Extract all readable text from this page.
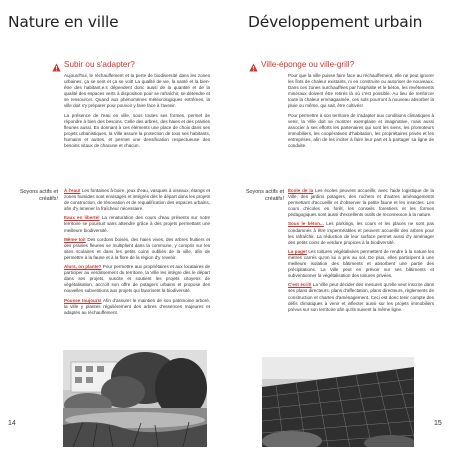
Nature en ville
Subir ou s'adapter?

Aujourd'hui, le réchauffement et la perte de biodiversité dans les zones urbaines, ça se sent et ça se voit! La qualité de vie, la santé et la bien-être des habitant.e.s dépendent donc aussi de la quantité et de la qualité des espaces verts à disposition pour se rafraîchir, se détendre et se ressourcer. Quand aux phénomènes météorologiques extrêmes, la ville doit s'y préparer pour pouvoir y faire face à l'avenir.

La présence de l'eau en ville, sous toutes ses formes, permet de répondre à bien des besoins. Celle des arbres, des haies et des prairies fleuries aussi. En donnant à ces éléments une place de choix dans ses projets urbanistiques, la Ville assure la protection de tous ses habitants, humains et autres, et permet une densification respectueuse des besoins vitaux de chacune et chacun.

Soyons actifs et créatifs!

À l'eau! Les fontaines à boire, jeux d'eau, vasques à oiseaux, étangs et zones humides sont envisagés et intégrés dès le départ dans les projets de construction, de rénovation et de requalification des espaces urbains, afin d'y amener la fraîcheur nécessaire.

Eaux en liberté! La renaturation des cours d'eau présents sur notre territoire se poursuit sans attendre grâce à des projets permettant une meilleure biodiversité.

Même toi! Des cordons boisés, des haies vives, des arbres fruitiers et des prairies fleuries se multiplient dans la commune, y compris sur les sites scolaires et dans les petits coins oubliés de la ville, afin de permettre à la faune et à la flore de la région d'y revenir.

Alors, on plante? Pour permettre aux propriétaires et aux locataires de participer au verdissement du territoire, la Ville les intègre dès le départ dans ses projets, suscite et soutient les projets citoyens de végétalisation, accroît son offre de potagers urbains et propose des nouvelles subventions aux projets qui favorisent la biodiversité.

Pousse toujours! Afin d'assurer le maintien de son patrimoine arboré, la ville y plantes régulièrement des arbres d'essences majeures et adaptés au réchauffement.

14
Développement urbain
Ville-éponge ou ville-grill?

Pour que la ville puisse faire face au réchauffement, elle ne peut ignorer les îlots de chaleur existants, ni en construire ou autoriser de nouveaux. Dans ces zones surchauffées par l'asphalte et le béton, les revêtements minéraux doivent être retirés là où c'est possible. Au lieu de renforcer toute la chaleur emmagasinée, ces sols pourront à nouveau absorber la pluie ou même, qui sait, être cultivés!

Pour permettre à son territoire de s'adapter aux conditions climatiques à venir, la Ville doit se montrer exemplaire et imaginative, mais aussi associer à ses efforts les partenaires qui sont les siens, les promoteurs immobiliers, les coopératives d'habitation, les propriétaires privés et les entreprises, afin de les inciter à faire leur part et à partager sa ligne de conduite.

Soyons actifs et créatifs!

École de la Les écoles peuvent accueillir, avec l'aide logistique de la Ville, des jardins potagers, des ruchers et d'autres aménagements permettant d'accueillir et d'observer la petite faune et les insectes. Les cours d'écoles en forêt, les conseils forestiers et les formes pédagogiques sont aussi d'excellents outils de reconnexion à la nature.

Sous le béton... Les parkings, les cours et les places ne sont pas condamnés à être imperméables et peuvent accueillir des arbres pour les rafraîchir. La réduction de leur surface permet aussi d'y aménager des petits coins de verdure propices à la biodiversité.

La page! Les toitures végétalisées permettent de rendre à la nature les mètres carrés qu'on lui a pris au sol. De plus, elles participent à une meilleure isolation des bâtiments et absorbent une partie des précipitations. La Ville peut en prévoir sur ses bâtiments et subventionner la végétalisation des toitures privées.

C'est écrit! La Ville peut décider des mesures qu'elle veut inscrire dans ses plans directeurs, plans d'affectation, plans directeurs, règlements de construction et chartes d'aménagement. Ceci est donc tenir compte des défis climatiques à venir et inflecter aussi sur les projets immobiliers prévus sur son territoire afin qu'ils suivent la même ligne.

15
